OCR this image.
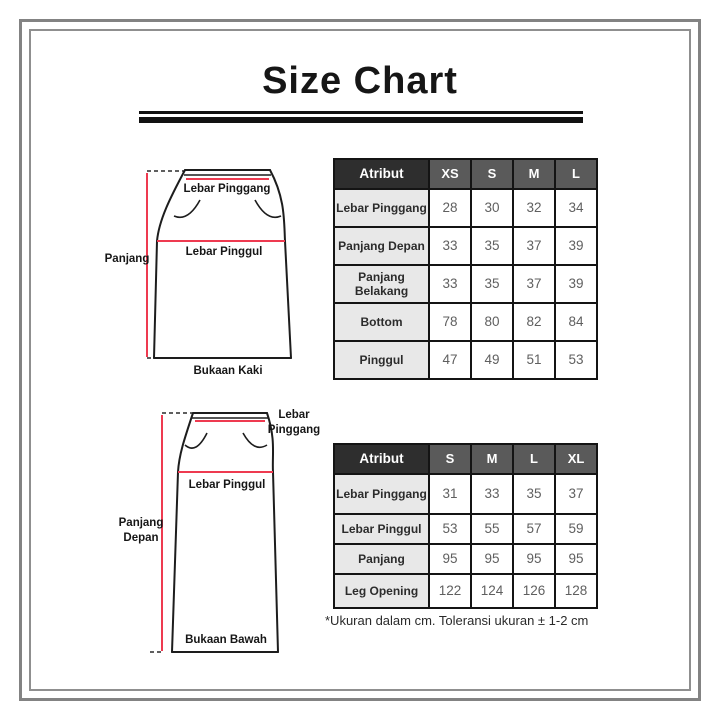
Size Chart
Lebar Pinggang
Lebar Pinggul
Panjang
Bukaan Kaki
Lebar
Pinggang
Lebar Pinggul
Panjang
Depan
Bukaan Bawah
Atribut	XS	S	M	L
Lebar Pinggang	28	30	32	34
Panjang Depan	33	35	37	39
Panjang Belakang	33	35	37	39
Bottom	78	80	82	84
Pinggul	47	49	51	53
Atribut	S	M	L	XL
Lebar Pinggang	31	33	35	37
Lebar Pinggul	53	55	57	59
Panjang	95	95	95	95
Leg Opening	122	124	126	128
*Ukuran dalam cm. Toleransi ukuran ± 1-2 cm
